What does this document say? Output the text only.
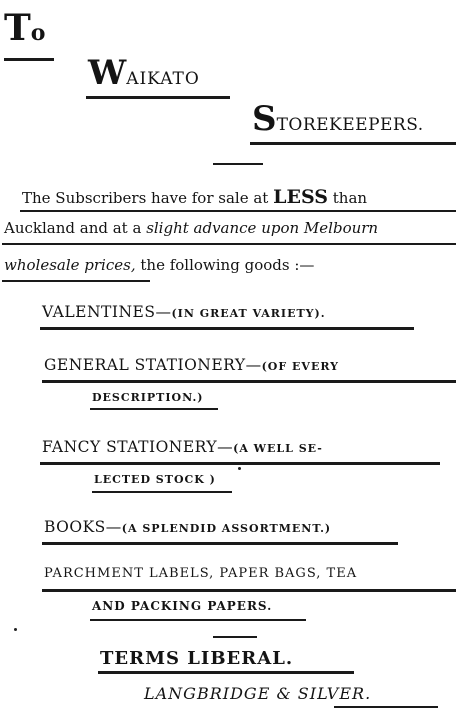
To
WAIKATO
STOREKEEPERS.
The Subscribers have for sale at LESS than
Auckland and at a slight advance upon Melbourn
wholesale prices, the following goods :—
VALENTINES—(IN GREAT VARIETY).
GENERAL STATIONERY—(OF EVERY
DESCRIPTION.)
FANCY STATIONERY—(A WELL SE-
LECTED STOCK )
BOOKS—(A SPLENDID ASSORTMENT.)
PARCHMENT LABELS, PAPER BAGS, TEA
AND PACKING PAPERS.
TERMS LIBERAL.
LANGBRIDGE & SILVER.
